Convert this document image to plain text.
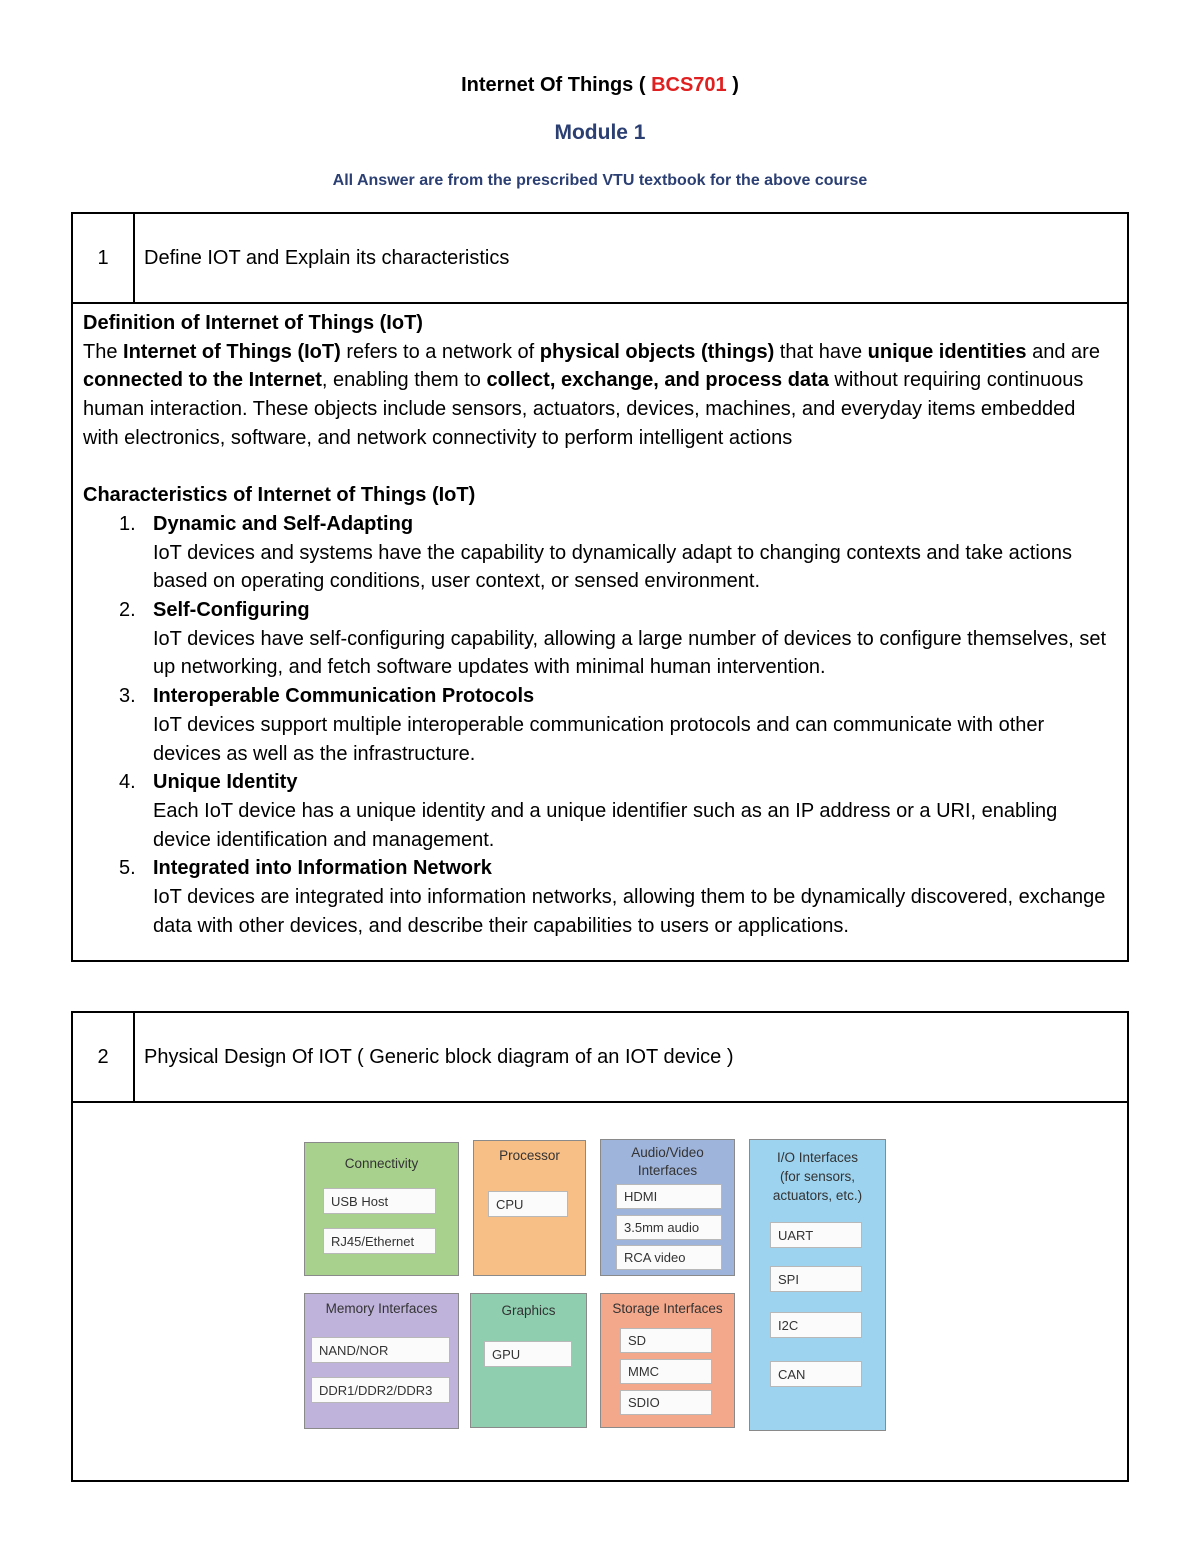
Internet Of Things ( BCS701 )
Module 1
All Answer are from the prescribed VTU textbook for the above course
1	Define IOT and Explain its characteristics

Definition of Internet of Things (IoT)

The Internet of Things (IoT) refers to a network of physical objects (things) that have unique identities and are connected to the Internet, enabling them to collect, exchange, and process data without requiring continuous human interaction. These objects include sensors, actuators, devices, machines, and everyday items embedded with electronics, software, and network connectivity to perform intelligent actions

Characteristics of Internet of Things (IoT)

1. Dynamic and Self-Adapting
IoT devices and systems have the capability to dynamically adapt to changing contexts and take actions based on operating conditions, user context, or sensed environment.
2. Self-Configuring
IoT devices have self-configuring capability, allowing a large number of devices to configure themselves, set up networking, and fetch software updates with minimal human intervention.
3. Interoperable Communication Protocols
IoT devices support multiple interoperable communication protocols and can communicate with other devices as well as the infrastructure.
4. Unique Identity
Each IoT device has a unique identity and a unique identifier such as an IP address or a URI, enabling device identification and management.
5. Integrated into Information Network
IoT devices are integrated into information networks, allowing them to be dynamically discovered, exchange data with other devices, and describe their capabilities to users or applications.
2	Physical Design Of IOT ( Generic block diagram of an IOT device )
Connectivity
USB Host
RJ45/Ethernet
Processor
CPU
Audio/Video
Interfaces
HDMI
3.5mm audio
RCA video
I/O Interfaces
(for sensors,
actuators, etc.)
UART
SPI
I2C
CAN
Memory Interfaces
NAND/NOR
DDR1/DDR2/DDR3
Graphics
GPU
Storage Interfaces
SD
MMC
SDIO
